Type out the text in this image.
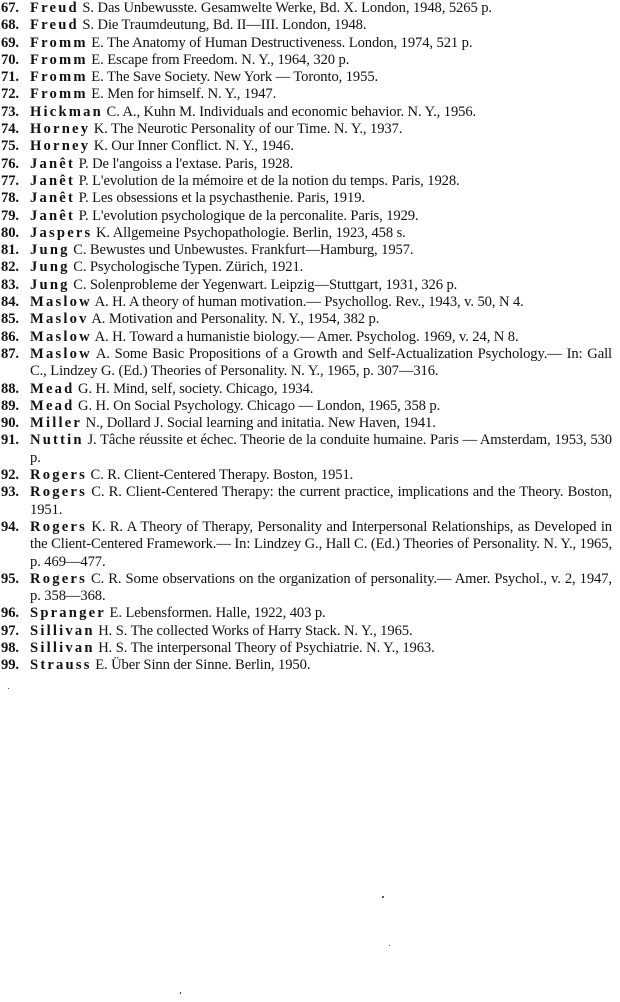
67. Freud S. Das Unbewusste. Gesamwelte Werke, Bd. X. London, 1948, 5265 p.
68. Freud S. Die Traumdeutung, Bd. II—III. London, 1948.
69. Fromm E. The Anatomy of Human Destructiveness. London, 1974, 521 p.
70. Fromm E. Escape from Freedom. N. Y., 1964, 320 p.
71. Fromm E. The Save Society. New York — Toronto, 1955.
72. Fromm E. Men for himself. N. Y., 1947.
73. Hickman C. A., Kuhn M. Individuals and economic behavior. N. Y., 1956.
74. Horney K. The Neurotic Personality of our Time. N. Y., 1937.
75. Horney K. Our Inner Conflict. N. Y., 1946.
76. Janêt P. De l'angoiss a l'extase. Paris, 1928.
77. Janêt P. L'evolution de la mémoire et de la notion du temps. Paris, 1928.
78. Janêt P. Les obsessions et la psychasthenie. Paris, 1919.
79. Janêt P. L'evolution psychologique de la perconalite. Paris, 1929.
80. Jaspers K. Allgemeine Psychopathologie. Berlin, 1923, 458 s.
81. Jung C. Bewustes und Unbewustes. Frankfurt—Hamburg, 1957.
82. Jung C. Psychologische Typen. Zürich, 1921.
83. Jung C. Solenprobleme der Yegenwart. Leipzig—Stuttgart, 1931, 326 p.
84. Maslow A. H. A theory of human motivation.— Psychollog. Rev., 1943, v. 50, N 4.
85. Maslov A. Motivation and Personality. N. Y., 1954, 382 p.
86. Maslow A. H. Toward a humanistie biology.— Amer. Psycholog. 1969, v. 24, N 8.
87. Maslow A. Some Basic Propositions of a Growth and Self-Actualization Psychology.— In: Gall C., Lindzey G. (Ed.) Theories of Personality. N. Y., 1965, p. 307—316.
88. Mead G. H. Mind, self, society. Chicago, 1934.
89. Mead G. H. On Social Psychology. Chicago — London, 1965, 358 p.
90. Miller N., Dollard J. Social learning and initatia. New Haven, 1941.
91. Nuttin J. Tâche réussite et échec. Theorie de la conduite humaine. Paris — Amsterdam, 1953, 530 p.
92. Rogers C. R. Client-Centered Therapy. Boston, 1951.
93. Rogers C. R. Client-Centered Therapy: the current practice, implications and the Theory. Boston, 1951.
94. Rogers K. R. A Theory of Therapy, Personality and Interpersonal Relationships, as Developed in the Client-Centered Framework.— In: Lindzey G., Hall C. (Ed.) Theories of Personality. N. Y., 1965, p. 469—477.
95. Rogers C. R. Some observations on the organization of personality.— Amer. Psychol., v. 2, 1947, p. 358—368.
96. Spranger E. Lebensformen. Halle, 1922, 403 p.
97. Sillivan H. S. The collected Works of Harry Stack. N. Y., 1965.
98. Sillivan H. S. The interpersonal Theory of Psychiatrie. N. Y., 1963.
99. Strauss E. Über Sinn der Sinne. Berlin, 1950.
